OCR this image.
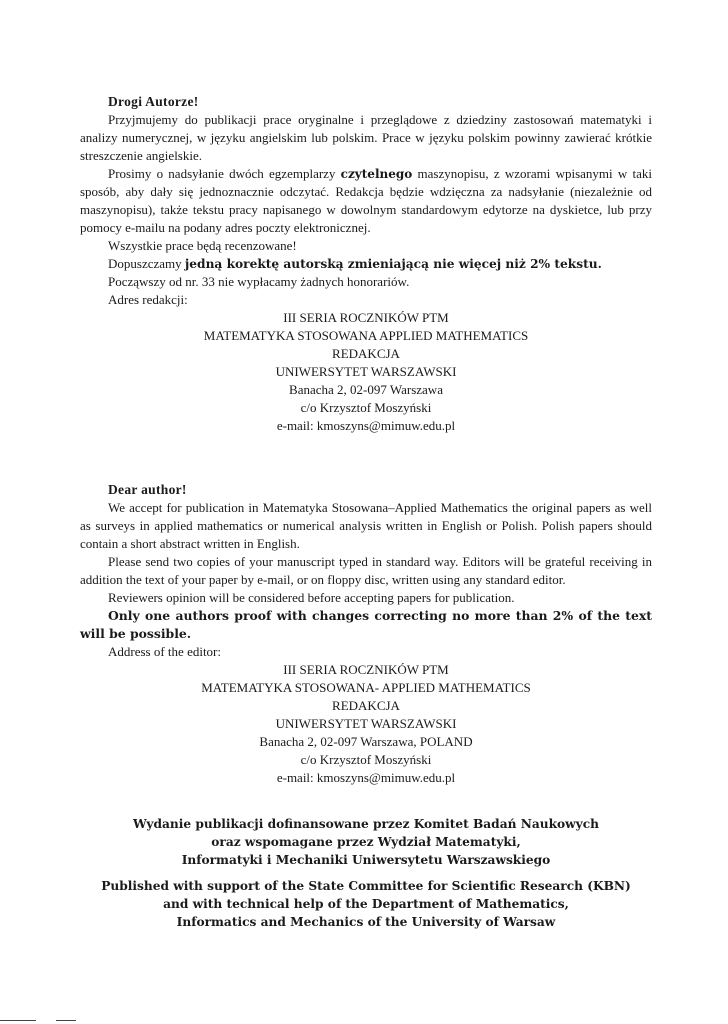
Drogi Autorze!

Przyjmujemy do publikacji prace oryginalne i przeglądowe z dziedziny zastosowań matematyki i analizy numerycznej, w języku angielskim lub polskim. Prace w języku polskim powinny zawierać krótkie streszczenie angielskie.

Prosimy o nadsyłanie dwóch egzemplarzy czytelnego maszynopisu, z wzorami wpisanymi w taki sposób, aby dały się jednoznacznie odczytać. Redakcja będzie wdzięczna za nadsyłanie (niezależnie od maszynopisu), także tekstu pracy napisanego w dowolnym standardowym edytorze na dyskietce, lub przy pomocy e-mailu na podany adres poczty elektronicznej.

Wszystkie prace będą recenzowane!
Dopuszczamy jedną korektę autorską zmieniającą nie więcej niż 2% tekstu.
Począwszy od nr. 33 nie wypłacamy żadnych honorariów.
Adres redakcji:
III SERIA ROCZNIKÓW PTM
MATEMATYKA STOSOWANA APPLIED MATHEMATICS
REDAKCJA
UNIWERSYTET WARSZAWSKI
Banacha 2, 02-097 Warszawa
c/o Krzysztof Moszyński
e-mail: kmoszyns@mimuw.edu.pl
Dear author!

We accept for publication in Matematyka Stosowana–Applied Mathematics the original papers as well as surveys in applied mathematics or numerical analysis written in English or Polish. Polish papers should contain a short abstract written in English.

Please send two copies of your manuscript typed in standard way. Editors will be grateful receiving in addition the text of your paper by e-mail, or on floppy disc, written using any standard editor.

Reviewers opinion will be considered before accepting papers for publication.

Only one authors proof with changes correcting no more than 2% of the text will be possible.

Address of the editor:
III SERIA ROCZNIKÓW PTM
MATEMATYKA STOSOWANA- APPLIED MATHEMATICS
REDAKCJA
UNIWERSYTET WARSZAWSKI
Banacha 2, 02-097 Warszawa, POLAND
c/o Krzysztof Moszyński
e-mail: kmoszyns@mimuw.edu.pl
Wydanie publikacji dofinansowane przez Komitet Badań Naukowych
oraz wspomagane przez Wydział Matematyki,
Informatyki i Mechaniki Uniwersytetu Warszawskiego
Published with support of the State Committee for Scientific Research (KBN)
and with technical help of the Department of Mathematics,
Informatics and Mechanics of the University of Warsaw
